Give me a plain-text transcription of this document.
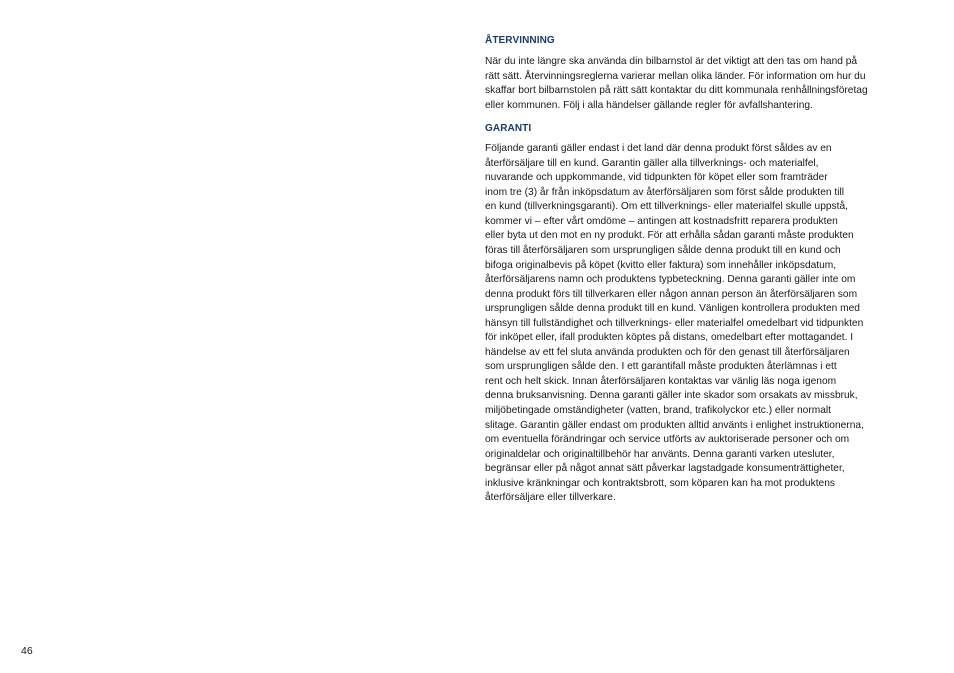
46
ÅTERVINNING
När du inte längre ska använda din bilbarnstol är det viktigt att den tas om hand på
rätt sätt. Återvinningsreglerna varierar mellan olika länder. För information om hur du
skaffar bort bilbarnstolen på rätt sätt kontaktar du ditt kommunala renhållningsföretag
eller kommunen. Följ i alla händelser gällande regler för avfallshantering.
GARANTI
Följande garanti gäller endast i det land där denna produkt först såldes av en
återförsäljare till en kund. Garantin gäller alla tillverknings- och materialfel,
nuvarande och uppkommande, vid tidpunkten för köpet eller som framträder
inom tre (3) år från inköpsdatum av återförsäljaren som först sålde produkten till
en kund (tillverkningsgaranti). Om ett tillverknings- eller materialfel skulle uppstå,
kommer vi – efter vårt omdöme – antingen att kostnadsfritt reparera produkten
eller byta ut den mot en ny produkt. För att erhålla sådan garanti måste produkten
föras till återförsäljaren som ursprungligen sålde denna produkt till en kund och
bifoga originalbevis på köpet (kvitto eller faktura) som innehåller inköpsdatum,
återförsäljarens namn och produktens typbeteckning. Denna garanti gäller inte om
denna produkt förs till tillverkaren eller någon annan person än återförsäljaren som
ursprungligen sålde denna produkt till en kund. Vänligen kontrollera produkten med
hänsyn till fullständighet och tillverknings- eller materialfel omedelbart vid tidpunkten
för inköpet eller, ifall produkten köptes på distans, omedelbart efter mottagandet. I
händelse av ett fel sluta använda produkten och för den genast till återförsäljaren
som ursprungligen sålde den. I ett garantifall måste produkten återlämnas i ett
rent och helt skick. Innan återförsäljaren kontaktas var vänlig läs noga igenom
denna bruksanvisning. Denna garanti gäller inte skador som orsakats av missbruk,
miljöbetingade omständigheter (vatten, brand, trafikolyckor etc.) eller normalt
slitage. Garantin gäller endast om produkten alltid använts i enlighet instruktionerna,
om eventuella förändringar och service utförts av auktoriserade personer och om
originaldelar och originaltillbehör har använts. Denna garanti varken utesluter,
begränsar eller på något annat sätt påverkar lagstadgade konsumenträttigheter,
inklusive kränkningar och kontraktsbrott, som köparen kan ha mot produktens
återförsäljare eller tillverkare.
